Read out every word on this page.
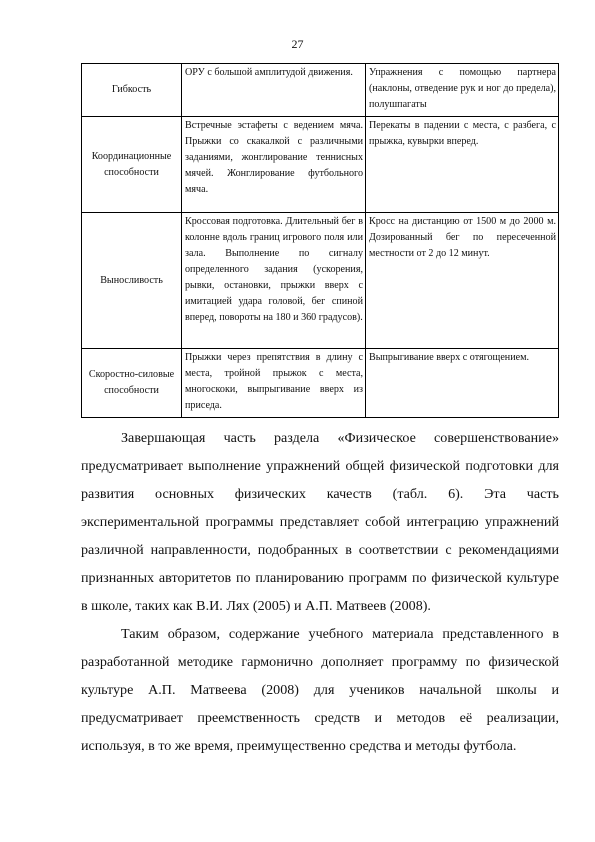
27
Гибкость	ОРУ с большой амплитудой движения.	Упражнения с помощью партнера (наклоны, отведение рук и ног до предела), полушпагаты
Координационные способности	Встречные эстафеты с ведением мяча. Прыжки со скакалкой с различными заданиями, жонглирование теннисных мячей. Жонглирование футбольного мяча.	Перекаты в падении с места, с разбега, с прыжка, кувырки вперед.
Выносливость	Кроссовая подготовка. Длительный бег в колонне вдоль границ игрового поля или зала. Выполнение по сигналу определенного задания (ускорения, рывки, остановки, прыжки вверх с имитацией удара головой, бег спиной вперед, повороты на 180 и 360 градусов).	Кросс на дистанцию от 1500 м до 2000 м. Дозированный бег по пересеченной местности от 2 до 12 минут.
Скоростно-силовые способности	Прыжки через препятствия в длину с места, тройной прыжок с места, многоскоки, выпрыгивание вверх из приседа.	Выпрыгивание вверх с отягощением.

Завершающая часть раздела «Физическое совершенствование» предусматривает выполнение упражнений общей физической подготовки для развития основных физических качеств (табл. 6). Эта часть экспериментальной программы представляет собой интеграцию упражнений различной направленности, подобранных в соответствии с рекомендациями признанных авторитетов по планированию программ по физической культуре в школе, таких как В.И. Лях (2005) и А.П. Матвеев (2008).

Таким образом, содержание учебного материала представленного в разработанной методике гармонично дополняет программу по физической культуре А.П. Матвеева (2008) для учеников начальной школы и предусматривает преемственность средств и методов её реализации, используя, в то же время, преимущественно средства и методы футбола.
